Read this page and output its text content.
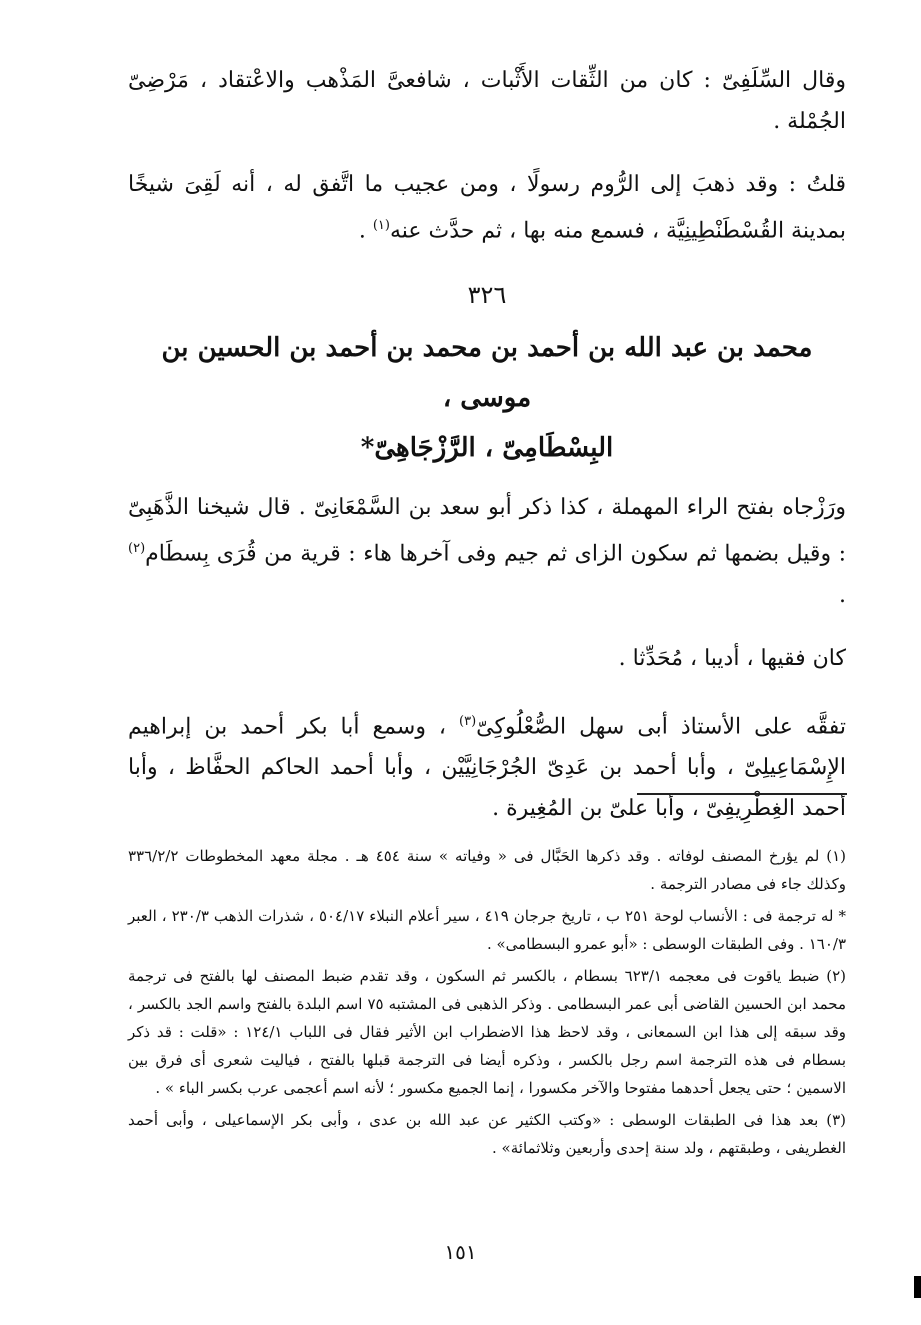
وقال السِّلَفِىّ : كان من الثِّقات الأَثْبات ، شافعىَّ المَذْهب والاعْتقاد ، مَرْضِىّ الجُمْلة .

قلتُ : وقد ذهبَ إلى الرُّوم رسولًا ، ومن عجيب ما اتَّفق له ، أنه لَقِىَ شيخًا بمدينة القُسْطَنْطِينِيَّة ، فسمع منه بها ، ثم حدَّث عنه$^{(١)}$ .

٣٢٦
محمد بن عبد الله بن أحمد بن محمد بن أحمد بن الحسين بن موسى ،
البِسْطَامِىّ ، الرَّزْجَاهِىّ*

ورَزْجاه بفتح الراء المهملة ، كذا ذكر أبو سعد بن السَّمْعَانِىّ . قال شيخنا الذَّهَبِىّ : وقيل بضمها ثم سكون الزاى ثم جيم وفى آخرها هاء : قرية من قُرَى بِسطَام$^{(٢)}$ .

كان فقيها ، أديبا ، مُحَدِّثا .

تفقَّه على الأستاذ أبى سهل الصُّعْلُوكِىّ$^{(٣)}$ ، وسمع أبا بكر أحمد بن إبراهيم الإِسْمَاعِيلِىّ ، وأبا أحمد بن عَدِىّ الجُرْجَانِيَّيْن ، وأبا أحمد الحاكم الحفَّاظ ، وأبا أحمد الغِطْرِيفِىّ ، وأبا علىّ بن المُغِيرة .

(١) لم يؤرخ المصنف لوفاته . وقد ذكرها الحَبَّال فى « وفياته » سنة ٤٥٤ هـ . مجلة معهد المخطوطات ٣٣٦/٢/٢ وكذلك جاء فى مصادر الترجمة .

* له ترجمة فى : الأنساب لوحة ٢٥١ ب ، تاريخ جرجان ٤١٩ ، سير أعلام النبلاء ٥٠٤/١٧ ، شذرات الذهب ٢٣٠/٣ ، العبر ١٦٠/٣ . وفى الطبقات الوسطى : «أبو عمرو البسطامى» .

(٢) ضبط ياقوت فى معجمه ٦٢٣/١ بسطام ، بالكسر ثم السكون ، وقد تقدم ضبط المصنف لها بالفتح فى ترجمة محمد ابن الحسين القاضى أبى عمر البسطامى . وذكر الذهبى فى المشتبه ٧٥ اسم البلدة بالفتح واسم الجد بالكسر ، وقد سبقه إلى هذا ابن السمعانى ، وقد لاحظ هذا الاضطراب ابن الأثير فقال فى اللباب ١٢٤/١ : «قلت : قد ذكر بسطام فى هذه الترجمة اسم رجل بالكسر ، وذكره أيضا فى الترجمة قبلها بالفتح ، فياليت شعرى أى فرق بين الاسمين ؛ حتى يجعل أحدهما مفتوحا والآخر مكسورا ، إنما الجميع مكسور ؛ لأنه اسم أعجمى عرب بكسر الباء » .

(٣) بعد هذا فى الطبقات الوسطى : «وكتب الكثير عن عبد الله بن عدى ، وأبى بكر الإسماعيلى ، وأبى أحمد الغطريفى ، وطبقتهم ، ولد سنة إحدى وأربعين وثلاثمائة» .

١٥١
